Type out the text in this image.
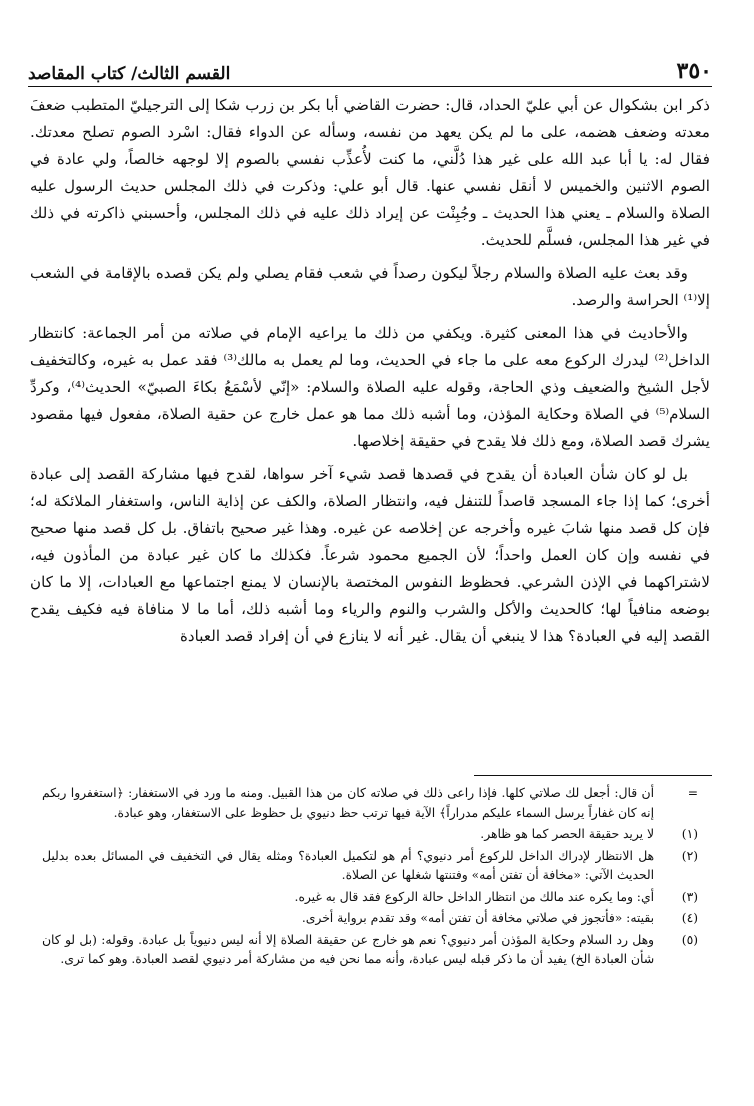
٣٥٠
القسم الثالث/ كتاب المقاصد

ذكر ابن بشكوال عن أبي عليّ الحداد، قال: حضرت القاضي أبا بكر بن زرب شكا إلى الترجيليّ المتطبب ضعفَ معدته وضعف هضمه، على ما لم يكن يعهد من نفسه، وسأله عن الدواء فقال: اسْرد الصوم تصلح معدتك. فقال له: يا أبا عبد الله على غير هذا دُلَّني، ما كنت لأُعذِّب نفسي بالصوم إلا لوجهه خالصاً، ولي عادة في الصوم الاثنين والخميس لا أنقل نفسي عنها. قال أبو علي: وذكرت في ذلك المجلس حديث الرسول عليه الصلاة والسلام ـ يعني هذا الحديث ـ وجُبِنْت عن إيراد ذلك عليه في ذلك المجلس، وأحسبني ذاكرته في ذلك في غير هذا المجلس، فسلَّم للحديث.

وقد بعث عليه الصلاة والسلام رجلاً ليكون رصداً في شعب فقام يصلي ولم يكن قصده بالإقامة في الشعب إلا⁽¹⁾ الحراسة والرصد.

والأحاديث في هذا المعنى كثيرة. ويكفي من ذلك ما يراعيه الإمام في صلاته من أمر الجماعة: كانتظار الداخل⁽²⁾ ليدرك الركوع معه على ما جاء في الحديث، وما لم يعمل به مالك⁽³⁾ فقد عمل به غيره، وكالتخفيف لأجل الشيخ والضعيف وذي الحاجة، وقوله عليه الصلاة والسلام: «إنّي لأسْمَعُ بكاءَ الصبيّ» الحديث⁽⁴⁾، وكردِّ السلام⁽⁵⁾ في الصلاة وحكاية المؤذن، وما أشبه ذلك مما هو عمل خارج عن حقية الصلاة، مفعول فيها مقصود يشرك قصد الصلاة، ومع ذلك فلا يقدح في حقيقة إخلاصها.

بل لو كان شأن العبادة أن يقدح في قصدها قصد شيء آخر سواها، لقدح فيها مشاركة القصد إلى عبادة أخرى؛ كما إذا جاء المسجد قاصداً للتنفل فيه، وانتظار الصلاة، والكف عن إذاية الناس، واستغفار الملائكة له؛ فإن كل قصد منها شابَ غيره وأخرجه عن إخلاصه عن غيره. وهذا غير صحيح باتفاق. بل كل قصد منها صحيح في نفسه وإن كان العمل واحداً؛ لأن الجميع محمود شرعاً. فكذلك ما كان غير عبادة من المأذون فيه، لاشتراكهما في الإذن الشرعي. فحظوظ النفوس المختصة بالإنسان لا يمنع اجتماعها مع العبادات، إلا ما كان بوضعه منافياً لها؛ كالحديث والأكل والشرب والنوم والرياء وما أشبه ذلك، أما ما لا منافاة فيه فكيف يقدح القصد إليه في العبادة؟ هذا لا ينبغي أن يقال. غير أنه لا ينازع في أن إفراد قصد العبادة

=
أن قال: أجعل لك صلاتي كلها. فإذا راعى ذلك في صلاته كان من هذا القبيل. ومنه ما ورد في الاستغفار: ﴿استغفروا ربكم إنه كان غفاراً يرسل السماء عليكم مدراراً﴾ الآية فيها ترتب حظ دنيوي بل حظوظ على الاستغفار، وهو عبادة.
(١)
لا يريد حقيقة الحصر كما هو ظاهر.
(٢)
هل الانتظار لإدراك الداخل للركوع أمر دنيوي؟ أم هو لتكميل العبادة؟ ومثله يقال في التخفيف في المسائل بعده بدليل الحديث الآتي: «مخافة أن تفتن أمه» وفتنتها شغلها عن الصلاة.
(٣)
أي: وما يكره عند مالك من انتظار الداخل حالة الركوع فقد قال به غيره.
(٤)
بقيته: «فأتجوز في صلاتي مخافة أن تفتن أمه» وقد تقدم برواية أخرى.
(٥)
وهل رد السلام وحكاية المؤذن أمر دنيوي؟ نعم هو خارج عن حقيقة الصلاة إلا أنه ليس دنيوياً بل عبادة. وقوله: (بل لو كان شأن العبادة الخ) يفيد أن ما ذكر قبله ليس عبادة، وأنه مما نحن فيه من مشاركة أمر دنيوي لقصد العبادة. وهو كما ترى.
